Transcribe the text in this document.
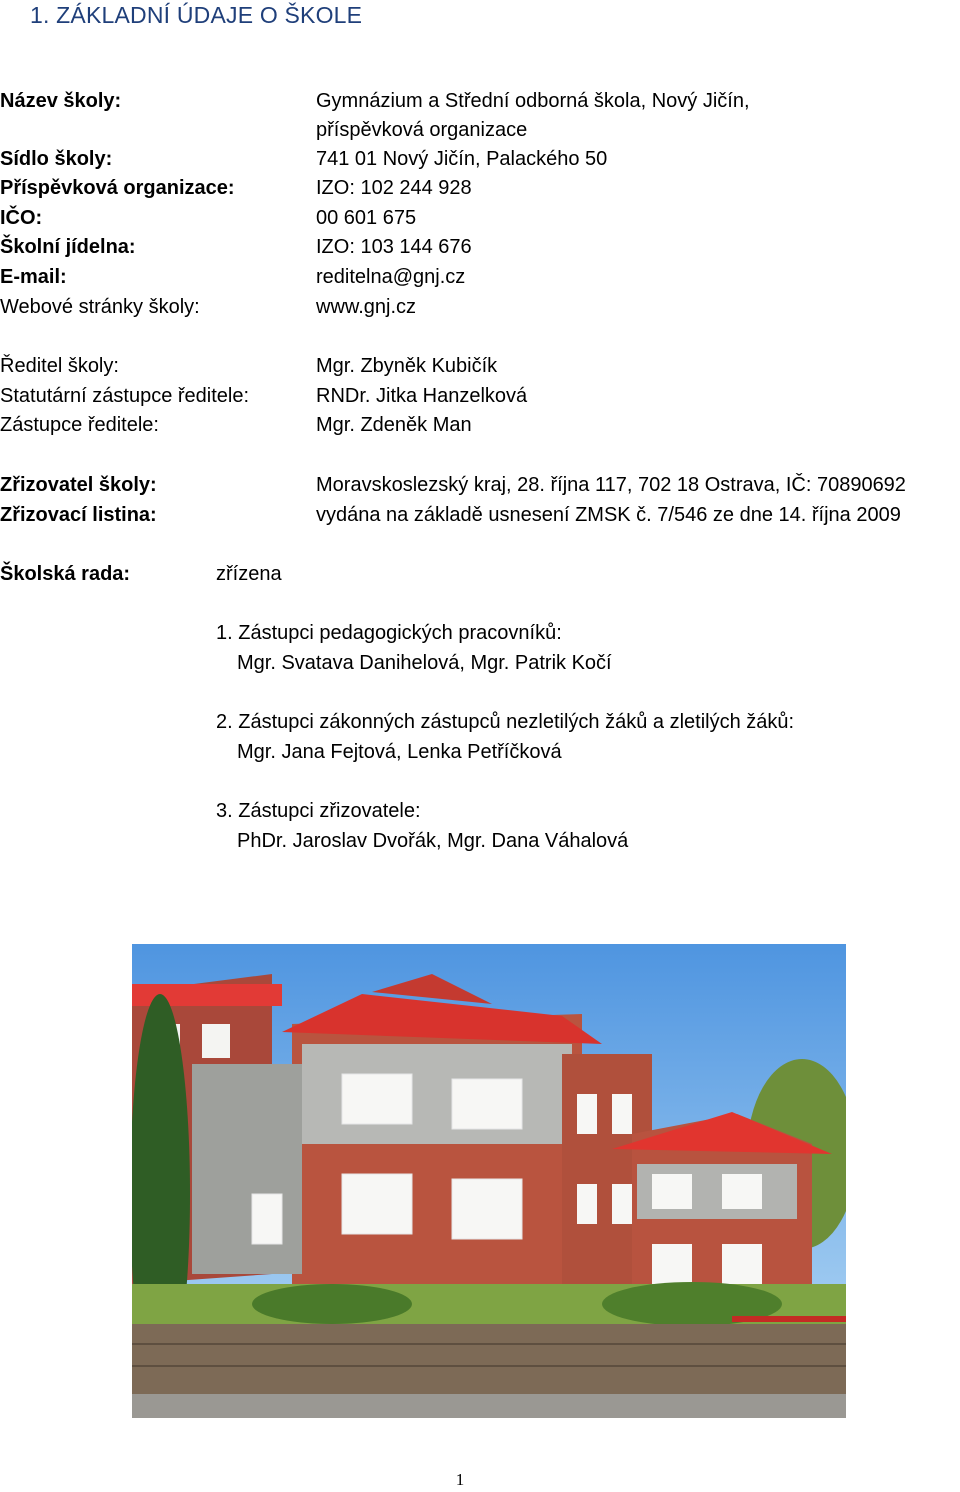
1. ZÁKLADNÍ ÚDAJE O ŠKOLE
Název školy:	Gymnázium a Střední odborná škola, Nový Jičín,
příspěvková organizace
Sídlo školy:	741 01 Nový Jičín, Palackého 50
Příspěvková organizace:	IZO: 102 244 928
IČO:	00 601 675
Školní jídelna:	IZO: 103 144 676
E-mail:	reditelna@gnj.cz
Webové stránky školy:	www.gnj.cz
Ředitel školy:	Mgr. Zbyněk Kubičík
Statutární zástupce ředitele:	RNDr. Jitka Hanzelková
Zástupce ředitele:	Mgr. Zdeněk Man
Zřizovatel školy:	Moravskoslezský kraj, 28. října 117, 702 18 Ostrava, IČ: 70890692
Zřizovací listina:	vydána na základě usnesení ZMSK č. 7/546 ze dne 14. října 2009
Školská rada:	zřízena
1. Zástupci pedagogických pracovníků:
Mgr. Svatava Danihelová, Mgr. Patrik Kočí
2. Zástupci zákonných zástupců nezletilých žáků a zletilých žáků:
Mgr. Jana Fejtová, Lenka Petříčková
3. Zástupci zřizovatele:
PhDr. Jaroslav Dvořák, Mgr. Dana Váhalová
1
